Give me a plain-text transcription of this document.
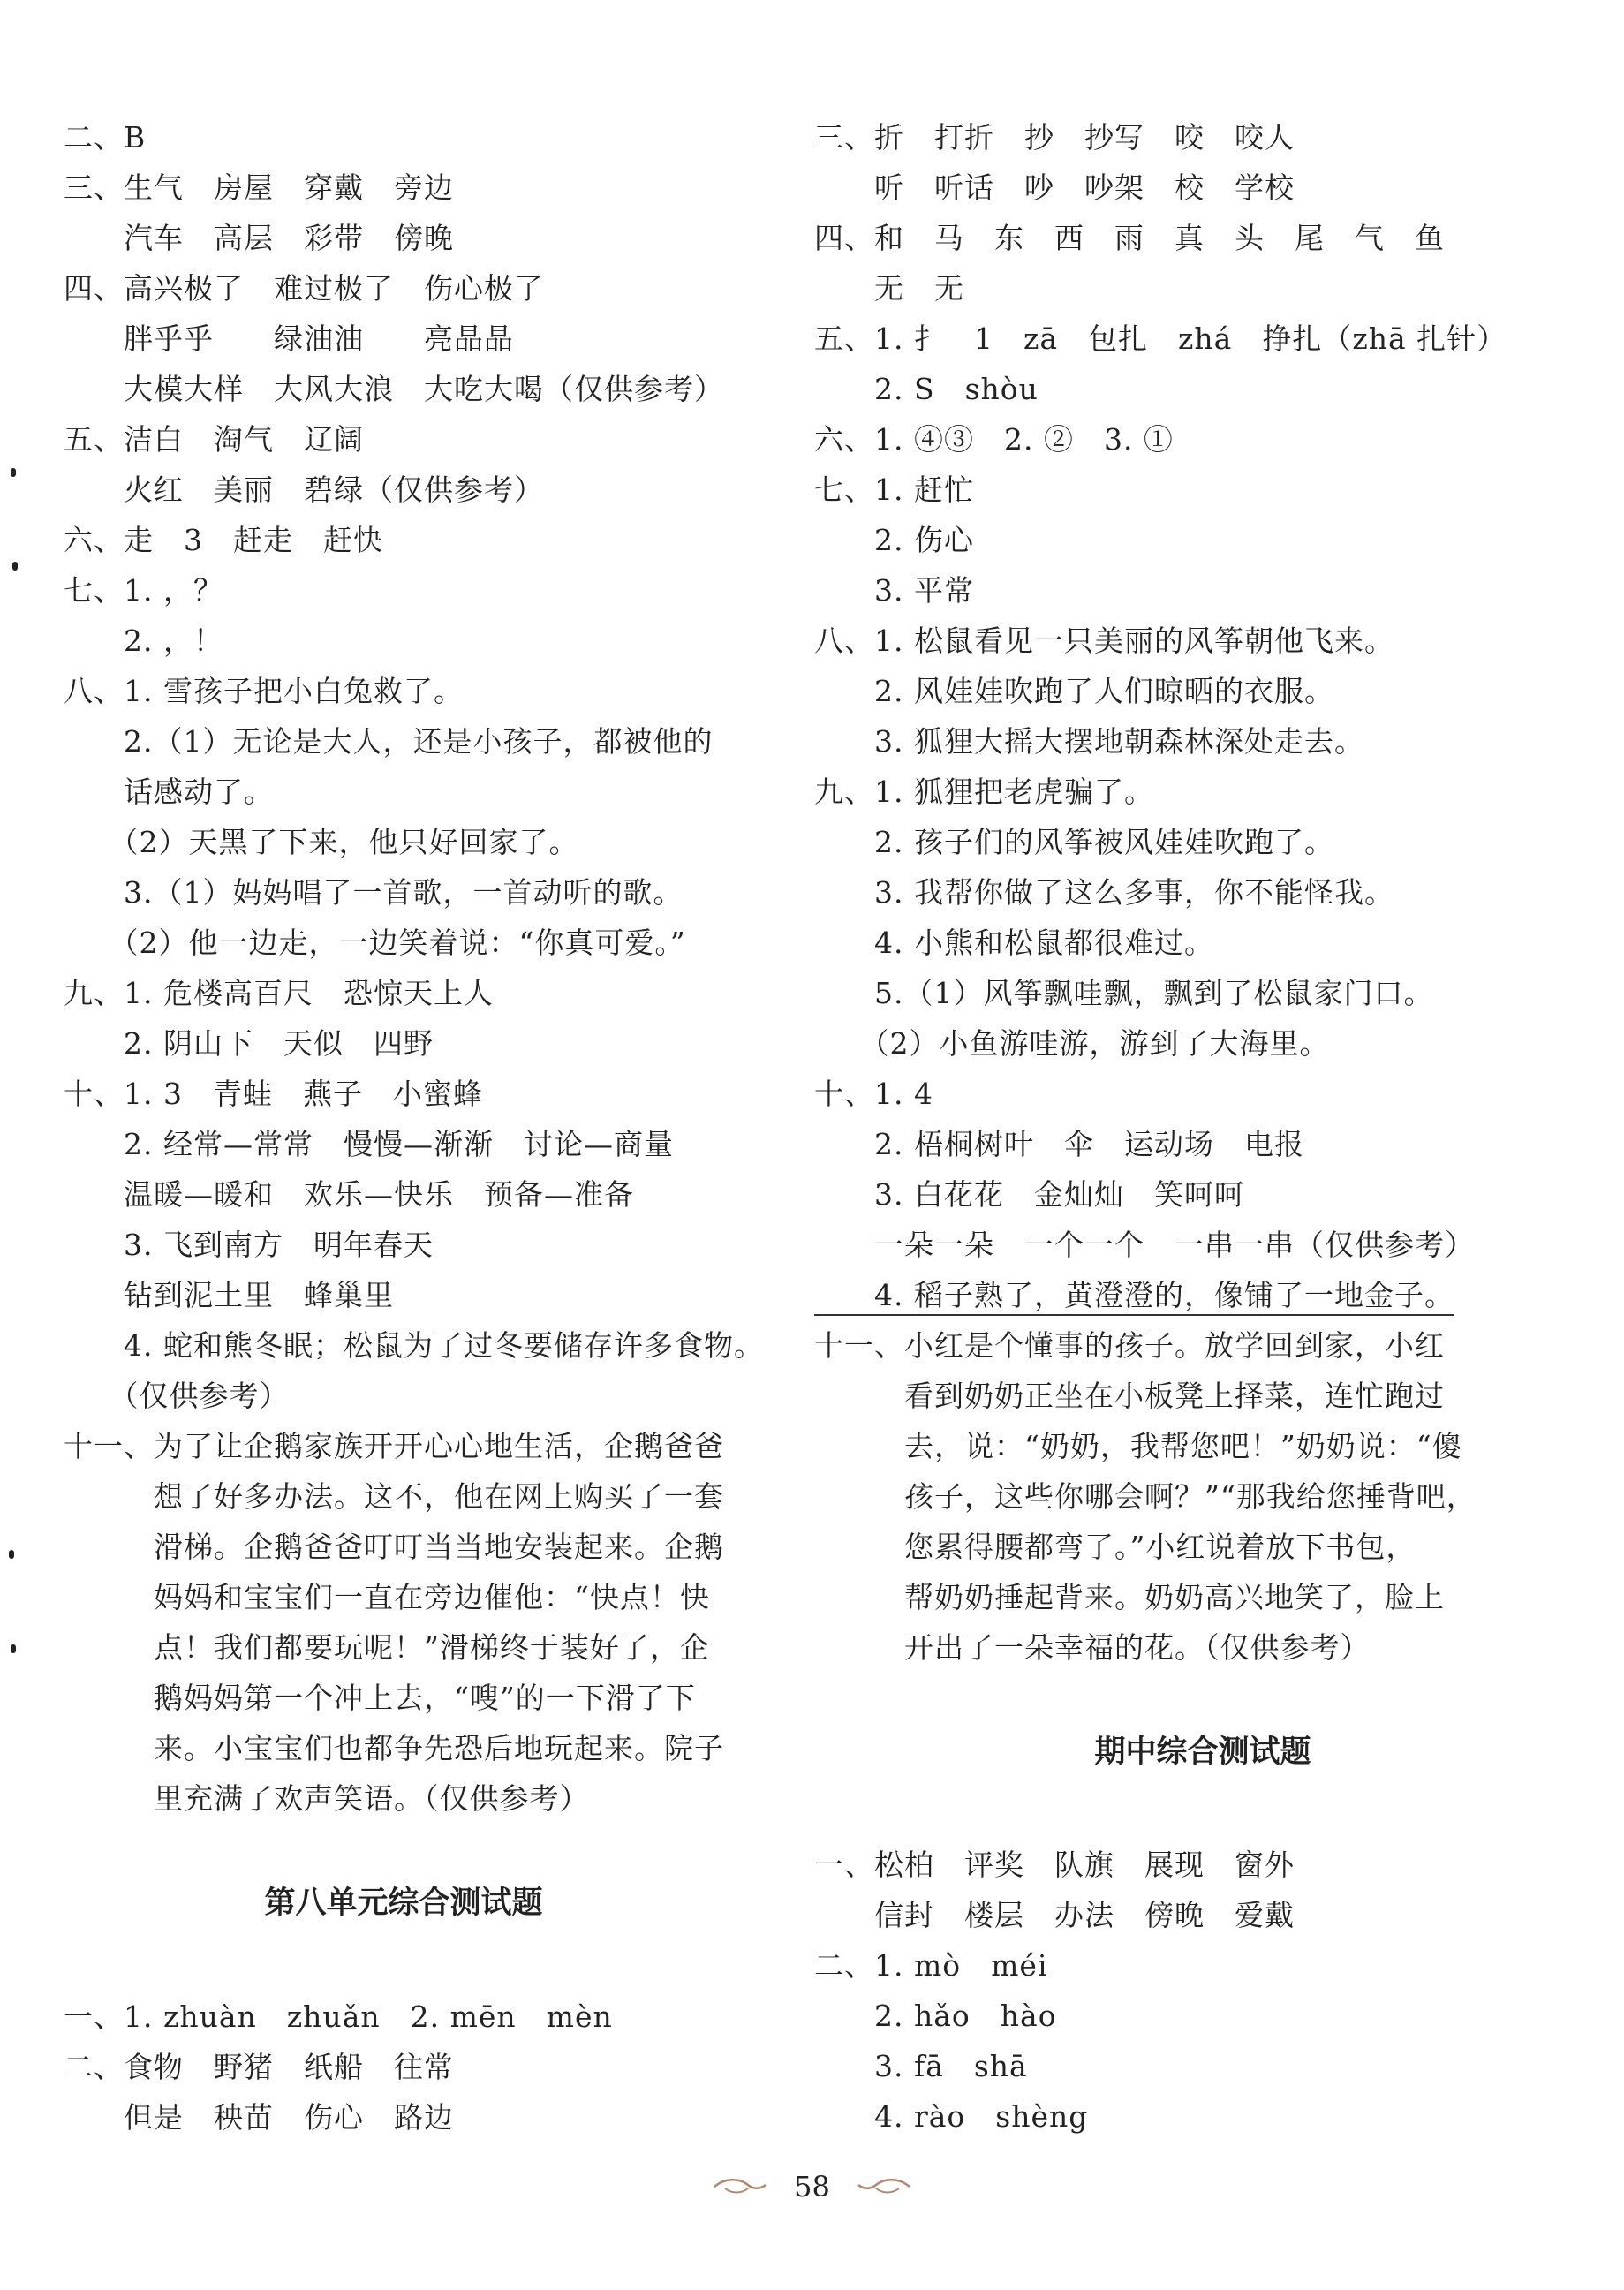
二、B
三、生气　房屋　穿戴　旁边
　　汽车　高层　彩带　傍晚
四、高兴极了　难过极了　伤心极了
　　胖乎乎　　绿油油　　亮晶晶
　　大模大样　大风大浪　大吃大喝（仅供参考）
五、洁白　淘气　辽阔
　　火红　美丽　碧绿（仅供参考）
六、走　3　赶走　赶快
七、1. ，？
　　2. ，！
八、1. 雪孩子把小白兔救了。
　　2.（1）无论是大人，还是小孩子，都被他的
　　话感动了。
　　（2）天黑了下来，他只好回家了。
　　3.（1）妈妈唱了一首歌，一首动听的歌。
　　（2）他一边走，一边笑着说：“你真可爱。”
九、1. 危楼高百尺　恐惊天上人
　　2. 阴山下　天似　四野
十、1. 3　青蛙　燕子　小蜜蜂
　　2. 经常—常常　慢慢—渐渐　讨论—商量
　　温暖—暖和　欢乐—快乐　预备—准备
　　3. 飞到南方　明年春天
　　钻到泥土里　蜂巢里
　　4. 蛇和熊冬眠；松鼠为了过冬要储存许多食物。
　　（仅供参考）
十一、为了让企鹅家族开开心心地生活，企鹅爸爸
　　　想了好多办法。这不，他在网上购买了一套
　　　滑梯。企鹅爸爸叮叮当当地安装起来。企鹅
　　　妈妈和宝宝们一直在旁边催他：“快点！快
　　　点！我们都要玩呢！”滑梯终于装好了，企
　　　鹅妈妈第一个冲上去，“嗖”的一下滑了下
　　　来。小宝宝们也都争先恐后地玩起来。院子
　　　里充满了欢声笑语。（仅供参考）
第八单元综合测试题
一、1. zhuàn　zhuǎn　2. mēn　mèn
二、食物　野猪　纸船　往常
　　但是　秧苗　伤心　路边
三、折　打折　抄　抄写　咬　咬人
　　听　听话　吵　吵架　校　学校
四、和　马　东　西　雨　真　头　尾　气　鱼
　　无　无
五、1. 扌　1　zā　包扎　zhá　挣扎（zhā 扎针）
　　2. S　shòu
六、1. ④③　2. ②　3. ①
七、1. 赶忙
　　2. 伤心
　　3. 平常
八、1. 松鼠看见一只美丽的风筝朝他飞来。
　　2. 风娃娃吹跑了人们晾晒的衣服。
　　3. 狐狸大摇大摆地朝森林深处走去。
九、1. 狐狸把老虎骗了。
　　2. 孩子们的风筝被风娃娃吹跑了。
　　3. 我帮你做了这么多事，你不能怪我。
　　4. 小熊和松鼠都很难过。
　　5.（1）风筝飘哇飘，飘到了松鼠家门口。
　　（2）小鱼游哇游，游到了大海里。
十、1. 4
　　2. 梧桐树叶　伞　运动场　电报
　　3. 白花花　金灿灿　笑呵呵
　　一朵一朵　一个一个　一串一串（仅供参考）
　　4. 稻子熟了，黄澄澄的，像铺了一地金子。
十一、小红是个懂事的孩子。放学回到家，小红
　　　看到奶奶正坐在小板凳上择菜，连忙跑过
　　　去，说：“奶奶，我帮您吧！”奶奶说：“傻
　　　孩子，这些你哪会啊？”“那我给您捶背吧，
　　　您累得腰都弯了。”小红说着放下书包，
　　　帮奶奶捶起背来。奶奶高兴地笑了，脸上
　　　开出了一朵幸福的花。（仅供参考）
期中综合测试题
一、松柏　评奖　队旗　展现　窗外
　　信封　楼层　办法　傍晚　爱戴
二、1. mò　méi
　　2. hǎo　hào
　　3. fā　shā
　　4. rào　shèng
58
